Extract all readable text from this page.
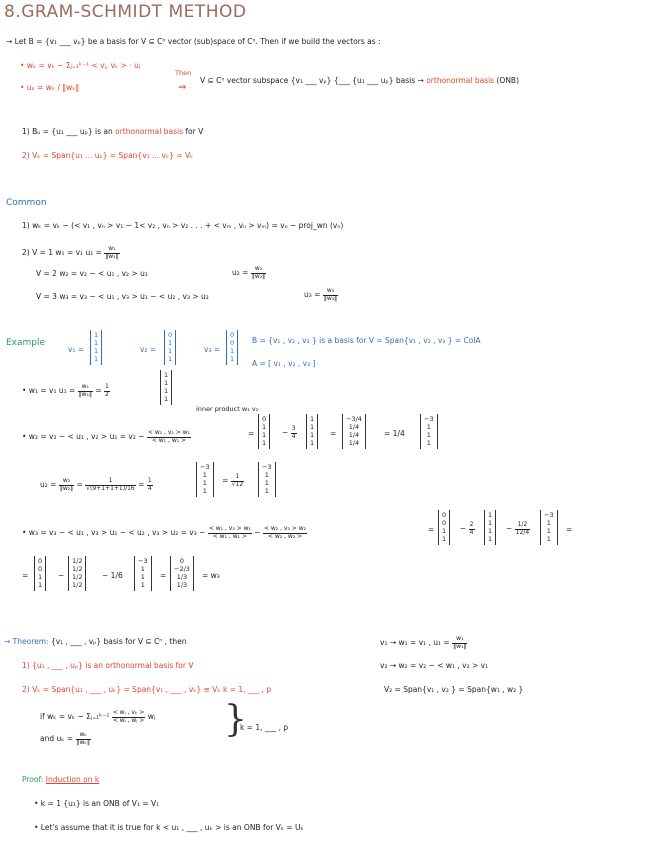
8.GRAM-SCHMIDT METHOD
→ Let B = {v₁ ___ vₚ} be a basis for V ⊆ Cⁿ vector (sub)space of Cⁿ. Then if we build the vectors as :
• wₖ = vₖ − Σⱼ₌₁ᵏ⁻¹ < vⱼ, vₖ > · uⱼ
• uₖ = wₖ / ‖wₖ‖
Then
⇒
V ⊆ Cⁿ vector subspace {v₁ ___ vₚ} {___ {u₁ ___ uₚ} basis → orthonormal basis (ONB)
1) Bᵤ = {u₁ ___ uₚ} is an orthonormal basis for V
2) Vₖ = Span{u₁ ... uₖ} = Span{v₁ ... vₖ} = Vₖ
Common
1) wₖ = vₖ − (< v₁ , vₙ > v₁ − 1< v₂ , vₙ > v₂ . . . + < vₘ , vₙ > vₘ) = vₙ − proj_wn (vₙ)
2) V = 1 w₁ = v₁ $u_1 = \frac{\text{w₁}}{\text{‖w₁‖}}$
V = 2 w₂ = v₂ − < u₁ , v₂ > u₁	$u_2 = \frac{\text{w₂}}{\text{‖w₂‖}}$
V = 3 w₃ = v₃ − < u₁ , v₃ > u₁ − < u₂ , v₃ > u₂	$u_3 = \frac{\text{w₃}}{\text{‖w₃‖}}$
Example
v₁ =
1
1
1
1
v₂ =
0
1
1
1
v₃ =
0
0
1
1
B = {v₁ , v₂ , v₃ } is a basis for V = Span{v₁ , v₂ , v₃ } = ColA
A = [ v₁ , v₂ , v₃ ]
• w₁ = v₁ $u_1 = \frac{\text{w₁}}{\text{‖w₁‖}} = \frac{1}{2}$
1
1
1
1
inner product w₁ v₂
• w₂ = v₂ − < u₁ , $v_2 > u_1 = v_2 - \frac{\text{< w₁ , v₂ > w₁}}{\text{< w₁ , w₁ >}}$	=
0
1
1
1
− $\frac{3}{4}$
1
1
1
1
=
−3/4
1/4
1/4
1/4
= 1/4
−3
1
1
1
$u_2 = \frac{\text{w₂}}{\text{‖w₂‖}} = \frac{1}{√(9+1+1+1)/16} = \frac{1}{4}$
−3
1
1
1
= $\frac{1}{√12}$
−3
1
1
1
• w₃ = v₃ − < u₁ , v₃ > u₁ − < u₂ , $v_3 > u_2 = v_3 - \frac{\text{< w₁ , v₃ > w₁}}{\text{< w₁ , w₁ >}} - \frac{\text{< w₂ , v₃ > w₂}}{\text{< w₂ , w₂ >}}$	=
0
0
1
1
− $\frac{2}{4}$
1
1
1
1
− $\frac{1/2}{12/4}$
−3
1
1
1
=
=
0
0
1
1
−
1/2
1/2
1/2
1/2
− 1/6
−3
1
1
1
=
0
−2/3
1/3
1/3
= w₃
→ Theorem: {v₁ , ___ , vₚ} basis for V ⊆ Cⁿ , then
1) {u₁ , ___ , uₚ} is an orthonormal basis for V
2) Vₖ = Span{u₁ , ___ , uₖ} = Span{v₁ , ___ , vₖ} ≡ Vₖ k = 1, ___ , p
if wₖ = vₖ − Σⱼ₌₁ᵏ⁻¹ $\frac{\text{< wⱼ , vₖ >}}{\text{< wⱼ , wⱼ >}}$ wⱼ
and $u_k = \frac{\text{wₖ}}{\text{‖wₖ‖}}$	}
k = 1, ___ , p
v₁ → w₁ = v₁ , $u_1 = \frac{\text{w₁}}{\text{‖w₁‖}}$
v₂ → w₂ = v₂ − < w₁ , v₂ > v₁
V₂ = Span{v₁ , v₂ } = Span{w₁ , w₂ }
Proof: Induction on k
• k = 1 {u₁} is an ONB of V₁ = V₁
• Let's assume that it is true for k < u₁ , ___ , uₖ > is an ONB for Vₖ = Uₖ
